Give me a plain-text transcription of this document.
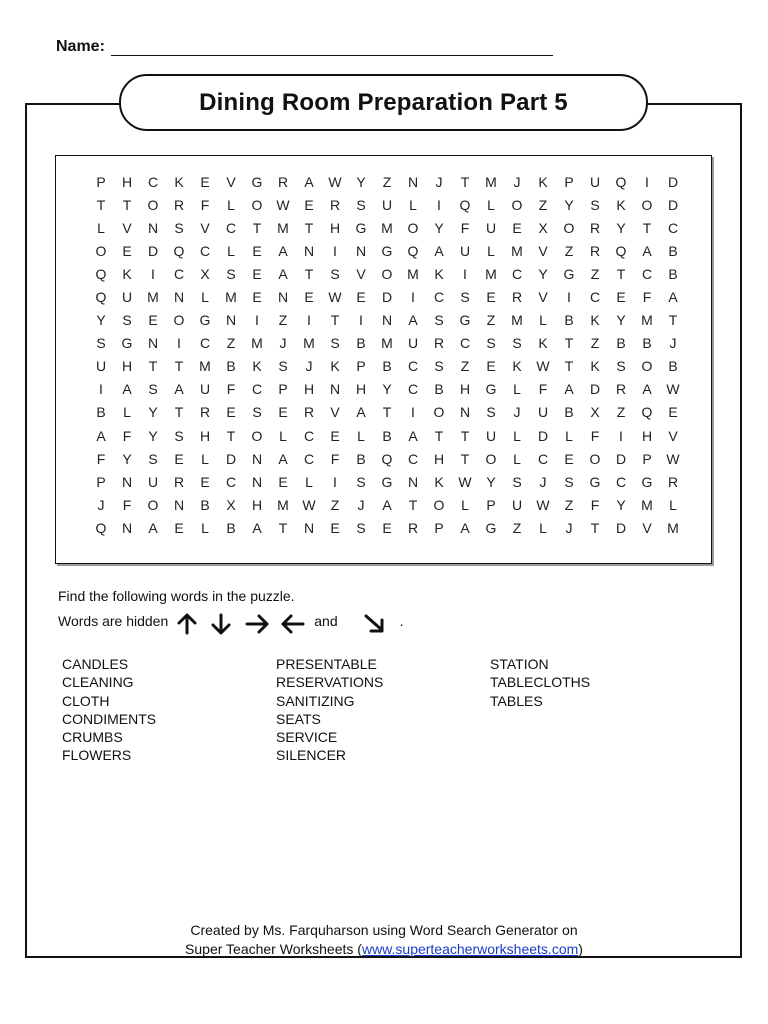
Name:
Dining Room Preparation Part 5
P	H	C	K	E	V	G	R	A	W	Y	Z	N	J	T	M	J	K	P	U	Q	I	D
T	T	O	R	F	L	O W	E	R	S	U	L	I	Q	L	O	Z	Y	S	K	O	D
L	V	N	S	V	C	T	M	T	H	G	M	O	Y	F	U	E	X	O	R	Y	T	C
O	E	D	Q	C	L	E	A	N	I	N	G	Q	A	U	L	M	V	Z	R	Q	A	B
Q	K	I	C	X	S	E	A	T	S	V	O	M	K	I	M	C	Y	G	Z	T	C	B
Q	U	M	N	L	M	E	N	E	W	E	D	I	C	S	E	R	V	I	C	E	F	A
Y	S	E	O	G	N	I	Z	I	T	I	N	A	S	G	Z	M	L	B	K	Y	M	T
S	G	N	I	C	Z	M	J	M	S	B	M	U	R	C	S	S	K	T	Z	B	B	J
U	H	T	T	M	B	K	S	J	K	P	B	C	S	Z	E	K	W	T	K	S	O	B
I	A	S	A	U	F	C	P	H	N	H	Y	C	B	H	G	L	F	A	D	R	A	W
B	L	Y	T	R	E	S	E	R	V	A	T	I	O	N	S	J	U	B	X	Z	Q	E
A	F	Y	S	H	T	O	L	C	E	L	B	A	T	T	U	L	D	L	F	I	H	V
F	Y	S	E	L	D	N	A	C	F	B	Q	C	H	T	O	L	C	E	O	D	P	W
P	N	U	R	E	C	N	E	L	I	S	G	N	K	W	Y	S	J	S	G	C	G	R
J	F	O	N	B	X	H	M W	Z	J	A	T	O	L	P	U	W	Z	F	Y	M	L
Q	N	A	E	L	B	A	T	N	E	S	E	R	P	A	G	Z	L	J	T	D	V	M
Find the following words in the puzzle.
Words are hidden	and	.
CANDLES
CLEANING
CLOTH
CONDIMENTS
CRUMBS
FLOWERS
PRESENTABLE
RESERVATIONS
SANITIZING
SEATS
SERVICE
SILENCER
STATION
TABLECLOTHS
TABLES
Created by Ms. Farquharson using Word Search Generator on
Super Teacher Worksheets (www.superteacherworksheets.com)
